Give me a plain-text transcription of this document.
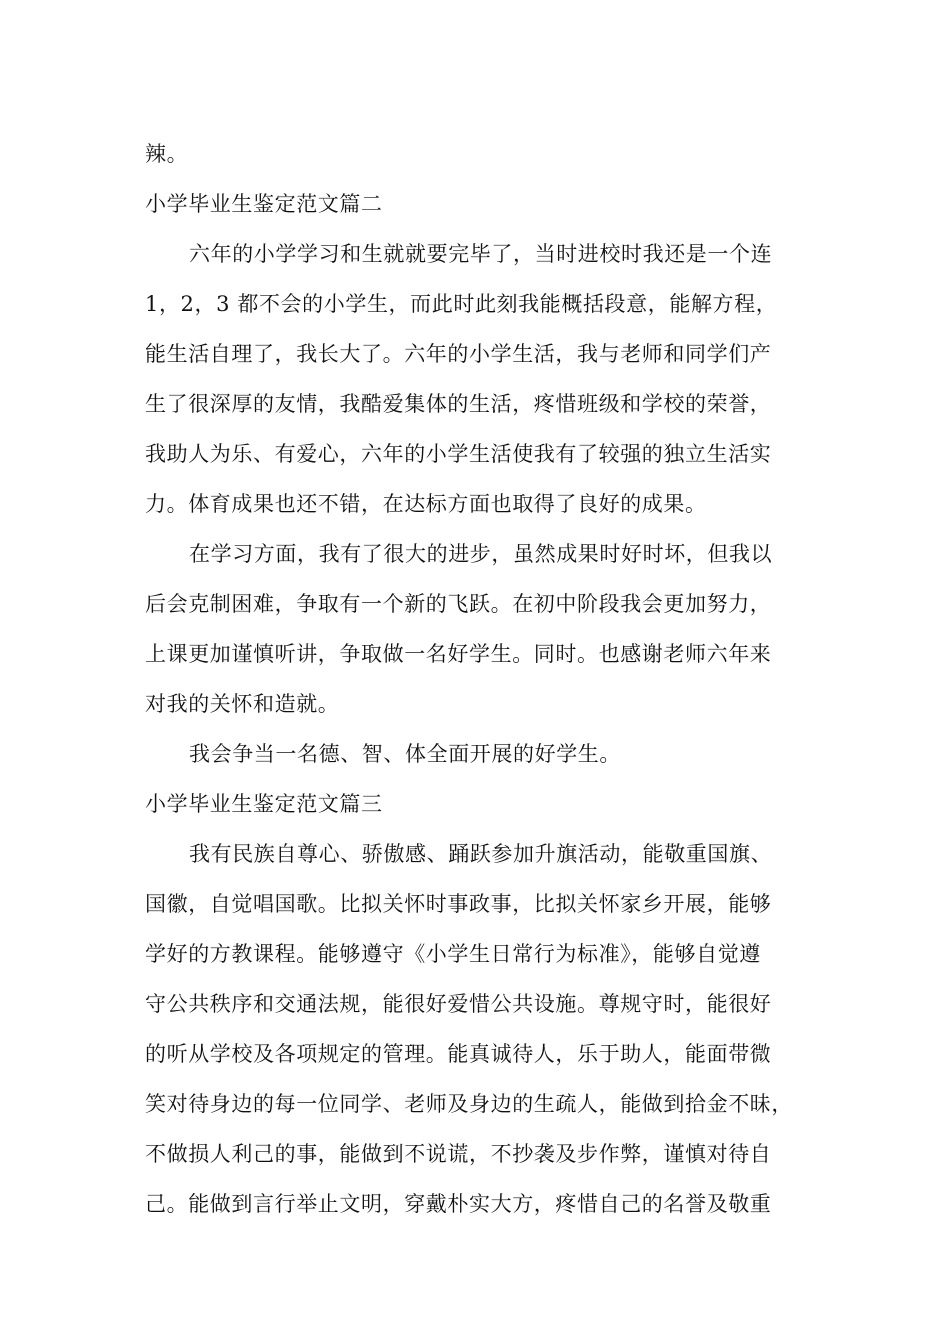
辣。
小学毕业生鉴定范文篇二
六年的小学学习和生就就要完毕了，当时进校时我还是一个连
1，2，3 都不会的小学生，而此时此刻我能概括段意，能解方程，
能生活自理了，我长大了。六年的小学生活，我与老师和同学们产
生了很深厚的友情，我酷爱集体的生活，疼惜班级和学校的荣誉，
我助人为乐、有爱心，六年的小学生活使我有了较强的独立生活实
力。体育成果也还不错，在达标方面也取得了良好的成果。
在学习方面，我有了很大的进步，虽然成果时好时坏，但我以
后会克制困难，争取有一个新的飞跃。在初中阶段我会更加努力，
上课更加谨慎听讲，争取做一名好学生。同时。也感谢老师六年来
对我的关怀和造就。
我会争当一名德、智、体全面开展的好学生。
小学毕业生鉴定范文篇三
我有民族自尊心、骄傲感、踊跃参加升旗活动，能敬重国旗、
国徽，自觉唱国歌。比拟关怀时事政事，比拟关怀家乡开展，能够
学好的方教课程。能够遵守《小学生日常行为标准》，能够自觉遵
守公共秩序和交通法规，能很好爱惜公共设施。尊规守时，能很好
的听从学校及各项规定的管理。能真诚待人，乐于助人，能面带微
笑对待身边的每一位同学、老师及身边的生疏人，能做到拾金不昧，
不做损人利己的事，能做到不说谎，不抄袭及步作弊，谨慎对待自
己。能做到言行举止文明，穿戴朴实大方，疼惜自己的名誉及敬重
